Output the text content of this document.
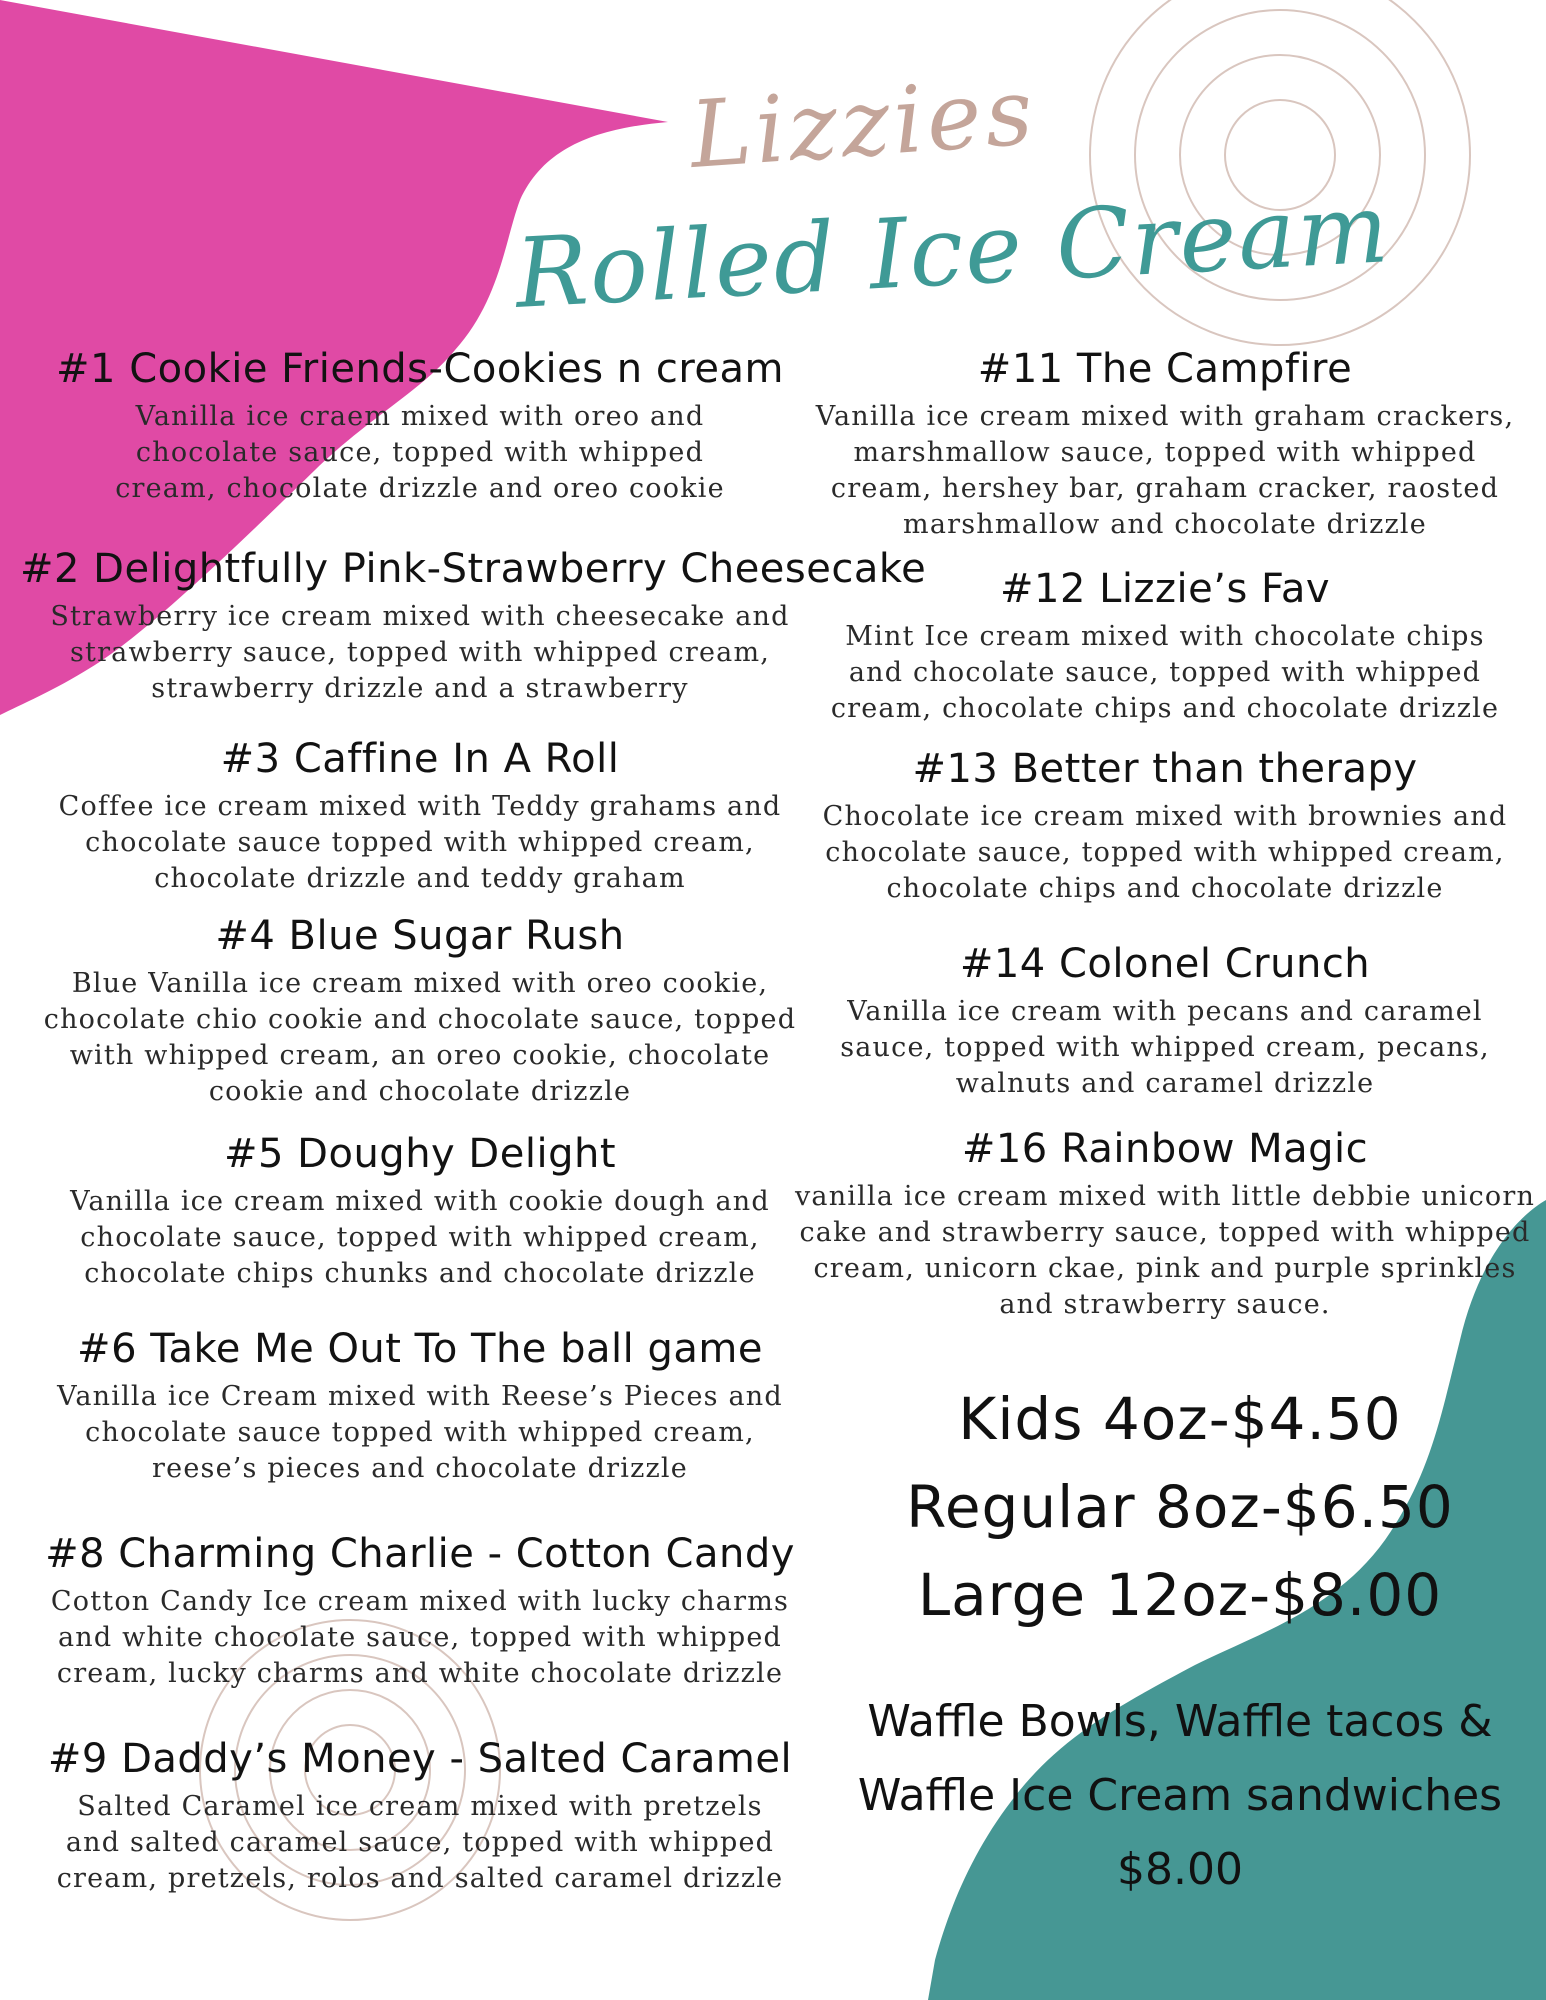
Lizzies
Rolled Ice Cream
#1 Cookie Friends-Cookies n cream
Vanilla ice craem mixed with oreo and
chocolate sauce, topped with whipped
cream, chocolate drizzle and oreo cookie
#2 Delightfully Pink-Strawberry Cheesecake
Strawberry ice cream mixed with cheesecake and
strawberry sauce, topped with whipped cream,
strawberry drizzle and a strawberry
#3 Caffine In A Roll
Coffee ice cream mixed with Teddy grahams and
chocolate sauce topped with whipped cream,
chocolate drizzle and teddy graham
#4 Blue Sugar Rush
Blue Vanilla ice cream mixed with oreo cookie,
chocolate chio cookie and chocolate sauce, topped
with whipped cream, an oreo cookie, chocolate
cookie and chocolate drizzle
#5 Doughy Delight
Vanilla ice cream mixed with cookie dough and
chocolate sauce, topped with whipped cream,
chocolate chips chunks and chocolate drizzle
#6 Take Me Out To The ball game
Vanilla ice Cream mixed with Reese’s Pieces and
chocolate sauce topped with whipped cream,
reese’s pieces and chocolate drizzle
#8 Charming Charlie - Cotton Candy
Cotton Candy Ice cream mixed with lucky charms
and white chocolate sauce, topped with whipped
cream, lucky charms and white chocolate drizzle
#9 Daddy’s Money - Salted Caramel
Salted Caramel ice cream mixed with pretzels
and salted caramel sauce, topped with whipped
cream, pretzels, rolos and salted caramel drizzle
#11 The Campfire
Vanilla ice cream mixed with graham crackers,
marshmallow sauce, topped with whipped
cream, hershey bar, graham cracker, raosted
marshmallow and chocolate drizzle
#12 Lizzie’s Fav
Mint Ice cream mixed with chocolate chips
and chocolate sauce, topped with whipped
cream, chocolate chips and chocolate drizzle
#13 Better than therapy
Chocolate ice cream mixed with brownies and
chocolate sauce, topped with whipped cream,
chocolate chips and chocolate drizzle
#14 Colonel Crunch
Vanilla ice cream with pecans and caramel
sauce, topped with whipped cream, pecans,
walnuts and caramel drizzle
#16 Rainbow Magic
vanilla ice cream mixed with little debbie unicorn
cake and strawberry sauce, topped with whipped
cream, unicorn ckae, pink and purple sprinkles
and strawberry sauce.
Kids 4oz-$4.50
Regular 8oz-$6.50
Large 12oz-$8.00
Waffle Bowls, Waffle tacos &
Waffle Ice Cream sandwiches
$8.00
